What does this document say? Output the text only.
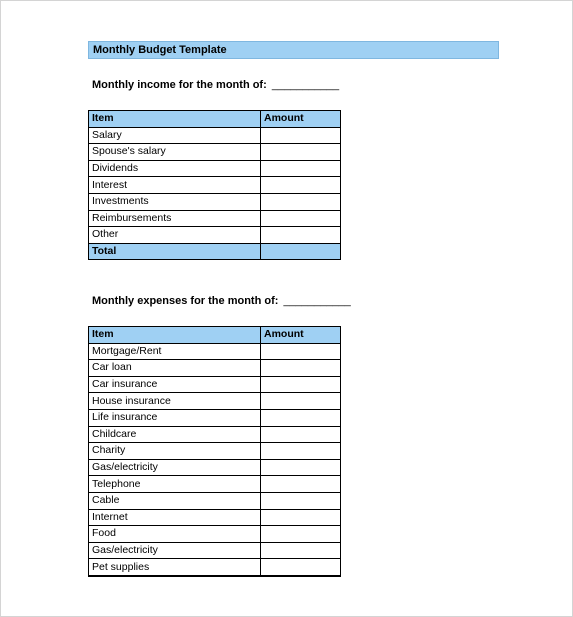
Monthly Budget Template
Monthly income for the month of: ___________
Item	Amount
Salary	
Spouse's salary	
Dividends	
Interest	
Investments	
Reimbursements	
Other	
Total	
Monthly expenses for the month of: ___________
Item	Amount
Mortgage/Rent	
Car loan	
Car insurance	
House insurance	
Life insurance	
Childcare	
Charity	
Gas/electricity	
Telephone	
Cable	
Internet	
Food	
Gas/electricity	
Pet supplies	
